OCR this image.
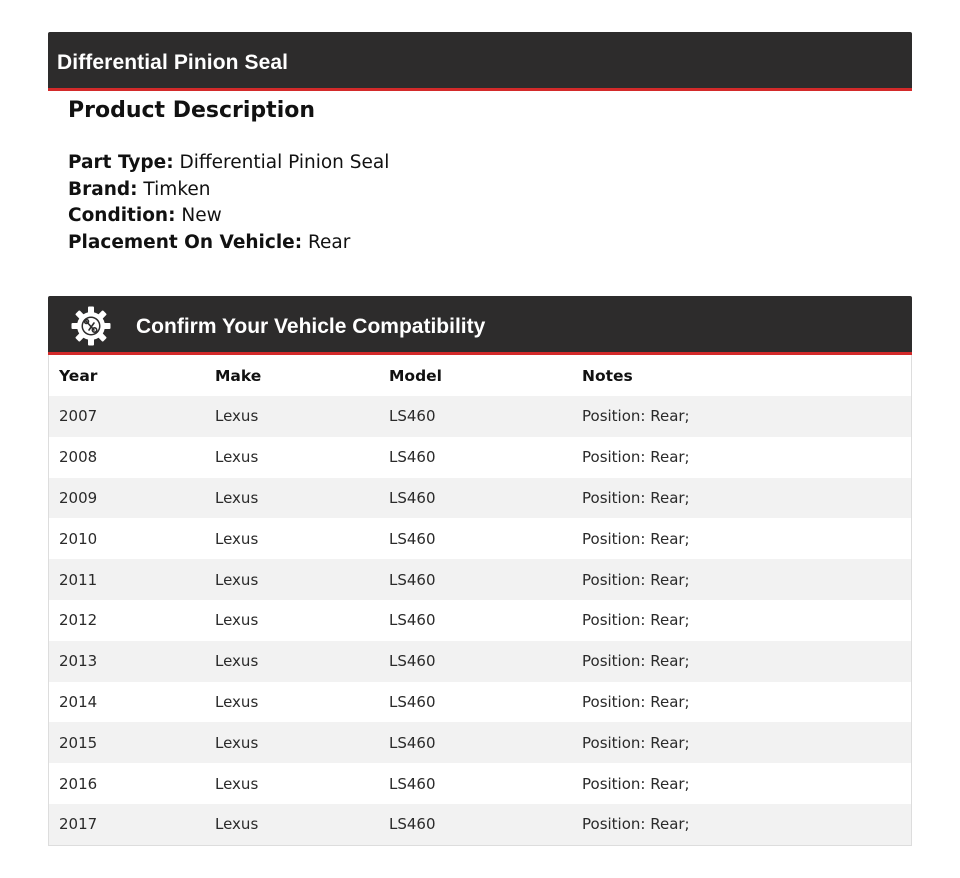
Differential Pinion Seal
Product Description
Part Type: Differential Pinion Seal
Brand: Timken
Condition: New
Placement On Vehicle: Rear
Confirm Your Vehicle Compatibility
Year	Make	Model	Notes
2007	Lexus	LS460	Position: Rear;
2008	Lexus	LS460	Position: Rear;
2009	Lexus	LS460	Position: Rear;
2010	Lexus	LS460	Position: Rear;
2011	Lexus	LS460	Position: Rear;
2012	Lexus	LS460	Position: Rear;
2013	Lexus	LS460	Position: Rear;
2014	Lexus	LS460	Position: Rear;
2015	Lexus	LS460	Position: Rear;
2016	Lexus	LS460	Position: Rear;
2017	Lexus	LS460	Position: Rear;
